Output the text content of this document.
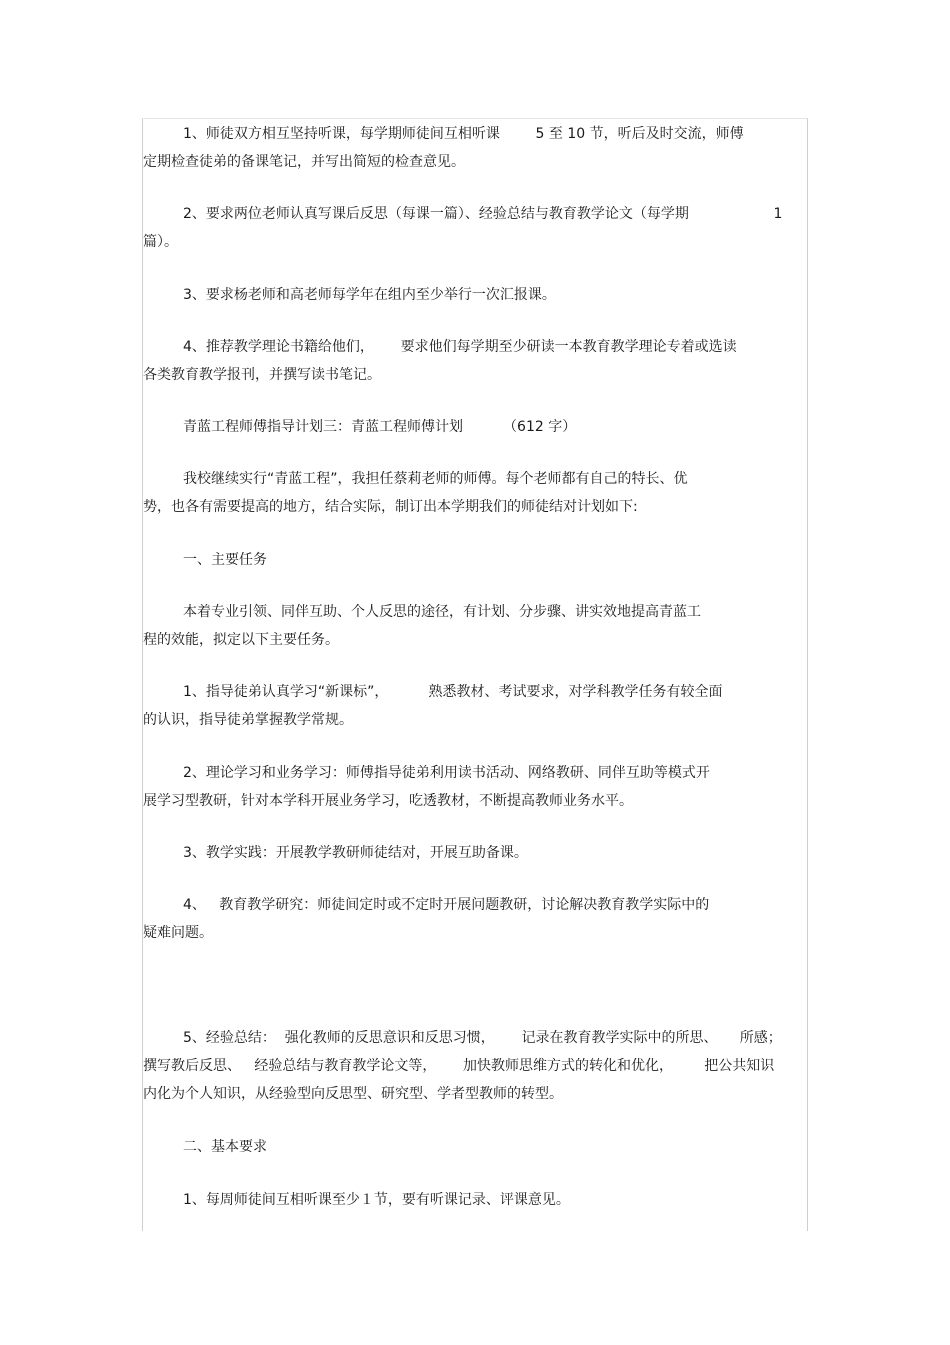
1、师徒双方相互坚持听课，每学期师徒间互相听课        5 至 10 节，听后及时交流，师傅
定期检查徒弟的备课笔记，并写出简短的检查意见。
2、要求两位老师认真写课后反思（每课一篇）、经验总结与教育教学论文（每学期                   1
篇）。
3、要求杨老师和高老师每学年在组内至少举行一次汇报课。
4、推荐教学理论书籍给他们，      要求他们每学期至少研读一本教育教学理论专着或选读
各类教育教学报刊，并撰写读书笔记。
青蓝工程师傅指导计划三：青蓝工程师傅计划         （612 字）
我校继续实行“青蓝工程”，我担任蔡莉老师的师傅。每个老师都有自己的特长、优
势，也各有需要提高的地方，结合实际，制订出本学期我们的师徒结对计划如下:
一、主要任务
本着专业引领、同伴互助、个人反思的途径，有计划、分步骤、讲实效地提高青蓝工
程的效能，拟定以下主要任务。
1、指导徒弟认真学习“新课标”，         熟悉教材、考试要求，对学科教学任务有较全面
的认识，指导徒弟掌握教学常规。
2、理论学习和业务学习：师傅指导徒弟利用读书活动、网络教研、同伴互助等模式开
展学习型教研，针对本学科开展业务学习，吃透教材，不断提高教师业务水平。
3、教学实践：开展教学教研师徒结对，开展互助备课。
4、   教育教学研究：师徒间定时或不定时开展问题教研，讨论解决教育教学实际中的
疑难问题。
5、经验总结：  强化教师的反思意识和反思习惯，      记录在教育教学实际中的所思、     所感；
撰写教后反思、   经验总结与教育教学论文等，      加快教师思维方式的转化和优化，       把公共知识
内化为个人知识，从经验型向反思型、研究型、学者型教师的转型。
二、基本要求
1、每周师徒间互相听课至少１节，要有听课记录、评课意见。
